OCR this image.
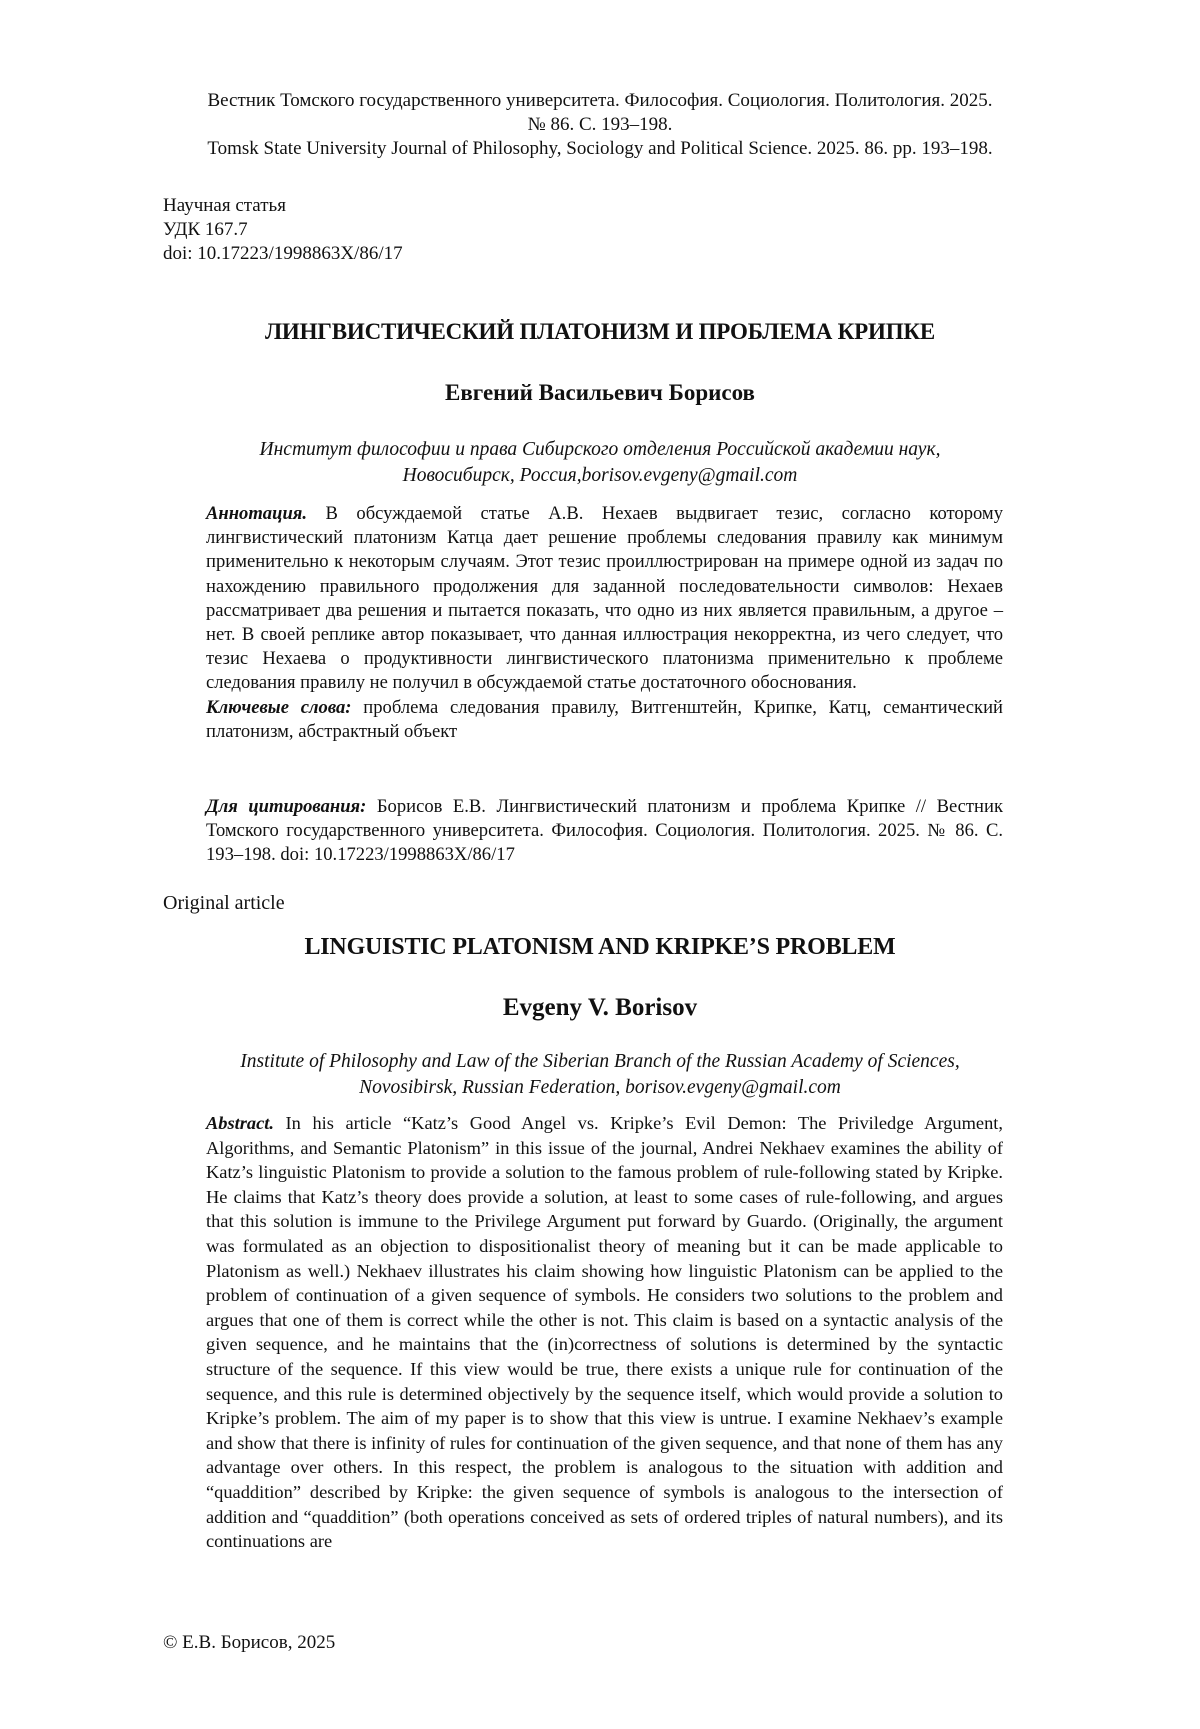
Вестник Томского государственного университета. Философия. Социология. Политология. 2025.
№ 86. С. 193–198.
Tomsk State University Journal of Philosophy, Sociology and Political Science. 2025. 86. pp. 193–198.
Научная статья
УДК 167.7
doi: 10.17223/1998863X/86/17
ЛИНГВИСТИЧЕСКИЙ ПЛАТОНИЗМ И ПРОБЛЕМА КРИПКЕ
Евгений Васильевич Борисов
Институт философии и права Сибирского отделения Российской академии наук,
Новосибирск, Россия,borisov.evgeny@gmail.com
Аннотация. В обсуждаемой статье А.В. Нехаев выдвигает тезис, согласно которому лингвистический платонизм Катца дает решение проблемы следования правилу как минимум применительно к некоторым случаям. Этот тезис проиллюстрирован на примере одной из задач по нахождению правильного продолжения для заданной последовательности символов: Нехаев рассматривает два решения и пытается показать, что одно из них является правильным, а другое – нет. В своей реплике автор показывает, что данная иллюстрация некорректна, из чего следует, что тезис Нехаева о продуктивности лингвистического платонизма применительно к проблеме следования правилу не получил в обсуждаемой статье достаточного обоснования.
Ключевые слова: проблема следования правилу, Витгенштейн, Крипке, Катц, семантический платонизм, абстрактный объект
Для цитирования: Борисов Е.В. Лингвистический платонизм и проблема Крипке // Вестник Томского государственного университета. Философия. Социология. Политология. 2025. № 86. С. 193–198. doi: 10.17223/1998863X/86/17
Original article
LINGUISTIC PLATONISM AND KRIPKE’S PROBLEM
Evgeny V. Borisov
Institute of Philosophy and Law of the Siberian Branch of the Russian Academy of Sciences,
Novosibirsk, Russian Federation, borisov.evgeny@gmail.com
Abstract. In his article “Katz’s Good Angel vs. Kripke’s Evil Demon: The Priviledge Argument, Algorithms, and Semantic Platonism” in this issue of the journal, Andrei Nekhaev examines the ability of Katz’s linguistic Platonism to provide a solution to the famous problem of rule-following stated by Kripke. He claims that Katz’s theory does provide a solution, at least to some cases of rule-following, and argues that this solution is immune to the Privilege Argument put forward by Guardo. (Originally, the argument was formulated as an objection to dispositionalist theory of meaning but it can be made applicable to Platonism as well.) Nekhaev illustrates his claim showing how linguistic Platonism can be applied to the problem of continuation of a given sequence of symbols. He considers two solutions to the problem and argues that one of them is correct while the other is not. This claim is based on a syntactic analysis of the given sequence, and he maintains that the (in)correctness of solutions is determined by the syntactic structure of the sequence. If this view would be true, there exists a unique rule for continuation of the sequence, and this rule is determined objectively by the sequence itself, which would provide a solution to Kripke’s problem. The aim of my paper is to show that this view is untrue. I examine Nekhaev’s example and show that there is infinity of rules for continuation of the given sequence, and that none of them has any advantage over others. In this respect, the problem is analogous to the situation with addition and “quaddition” described by Kripke: the given sequence of symbols is analogous to the intersection of addition and “quaddition” (both operations conceived as sets of ordered triples of natural numbers), and its continuations are
© Е.В. Борисов, 2025
